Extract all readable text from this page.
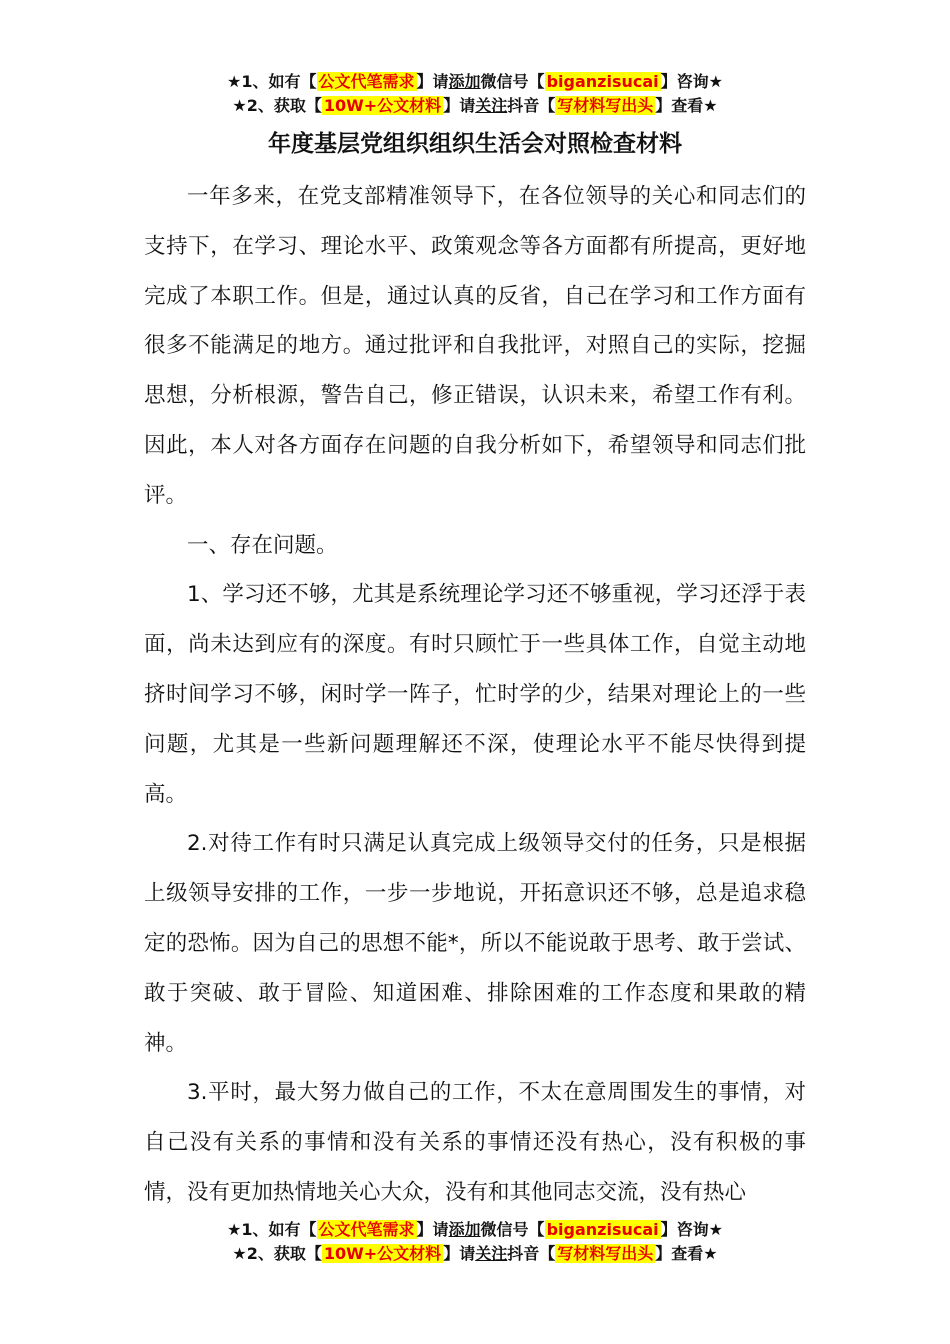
★1、如有【 公文代笔需求 】请添加微信号【 biganzisucai 】咨询★
★2、获取【 10W+公文材料 】请关注抖音【 写材料写出头 】查看★
年度基层党组织组织生活会对照检查材料

一年多来，在党支部精准领导下，在各位领导的关心和同志们的支持下，在学习、理论水平、政策观念等各方面都有所提高，更好地完成了本职工作。但是，通过认真的反省，自己在学习和工作方面有很多不能满足的地方。通过批评和自我批评，对照自己的实际，挖掘思想，分析根源，警告自己，修正错误，认识未来，希望工作有利。因此，本人对各方面存在问题的自我分析如下，希望领导和同志们批评。

一、存在问题。

1、学习还不够，尤其是系统理论学习还不够重视，学习还浮于表面，尚未达到应有的深度。有时只顾忙于一些具体工作，自觉主动地挤时间学习不够，闲时学一阵子，忙时学的少，结果对理论上的一些问题，尤其是一些新问题理解还不深，使理论水平不能尽快得到提高。

2.对待工作有时只满足认真完成上级领导交付的任务，只是根据上级领导安排的工作，一步一步地说，开拓意识还不够，总是追求稳定的恐怖。因为自己的思想不能*，所以不能说敢于思考、敢于尝试、敢于突破、敢于冒险、知道困难、排除困难的工作态度和果敢的精神。

3.平时，最大努力做自己的工作，不太在意周围发生的事情，对自己没有关系的事情和没有关系的事情还没有热心，没有积极的事情，没有更加热情地关心大众，没有和其他同志交流，没有热心

★1、如有【 公文代笔需求 】请添加微信号【 biganzisucai 】咨询★
★2、获取【 10W+公文材料 】请关注抖音【 写材料写出头 】查看★
